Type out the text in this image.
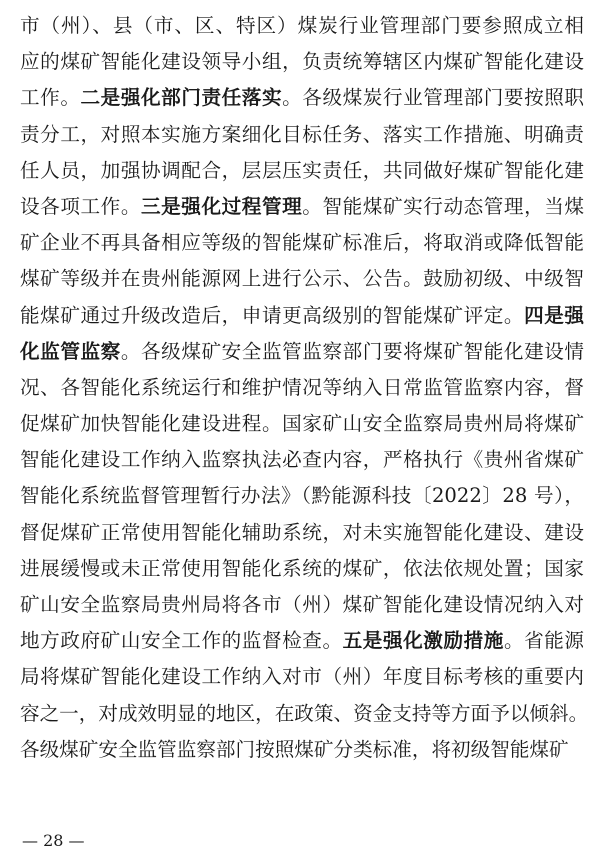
市（州）、县（市、区、特区）煤炭行业管理部门要参照成立相
应的煤矿智能化建设领导小组，负责统筹辖区内煤矿智能化建设
工作。二是强化部门责任落实。各级煤炭行业管理部门要按照职
责分工，对照本实施方案细化目标任务、落实工作措施、明确责
任人员，加强协调配合，层层压实责任，共同做好煤矿智能化建
设各项工作。三是强化过程管理。智能煤矿实行动态管理，当煤
矿企业不再具备相应等级的智能煤矿标准后，将取消或降低智能
煤矿等级并在贵州能源网上进行公示、公告。鼓励初级、中级智
能煤矿通过升级改造后，申请更高级别的智能煤矿评定。四是强
化监管监察。各级煤矿安全监管监察部门要将煤矿智能化建设情
况、各智能化系统运行和维护情况等纳入日常监管监察内容，督
促煤矿加快智能化建设进程。国家矿山安全监察局贵州局将煤矿
智能化建设工作纳入监察执法必查内容，严格执行《贵州省煤矿
智能化系统监督管理暂行办法》（黔能源科技〔2022〕28 号），
督促煤矿正常使用智能化辅助系统，对未实施智能化建设、建设
进展缓慢或未正常使用智能化系统的煤矿，依法依规处置；国家
矿山安全监察局贵州局将各市（州）煤矿智能化建设情况纳入对
地方政府矿山安全工作的监督检查。五是强化激励措施。省能源
局将煤矿智能化建设工作纳入对市（州）年度目标考核的重要内
容之一，对成效明显的地区，在政策、资金支持等方面予以倾斜。
各级煤矿安全监管监察部门按照煤矿分类标准，将初级智能煤矿
— 28 —
